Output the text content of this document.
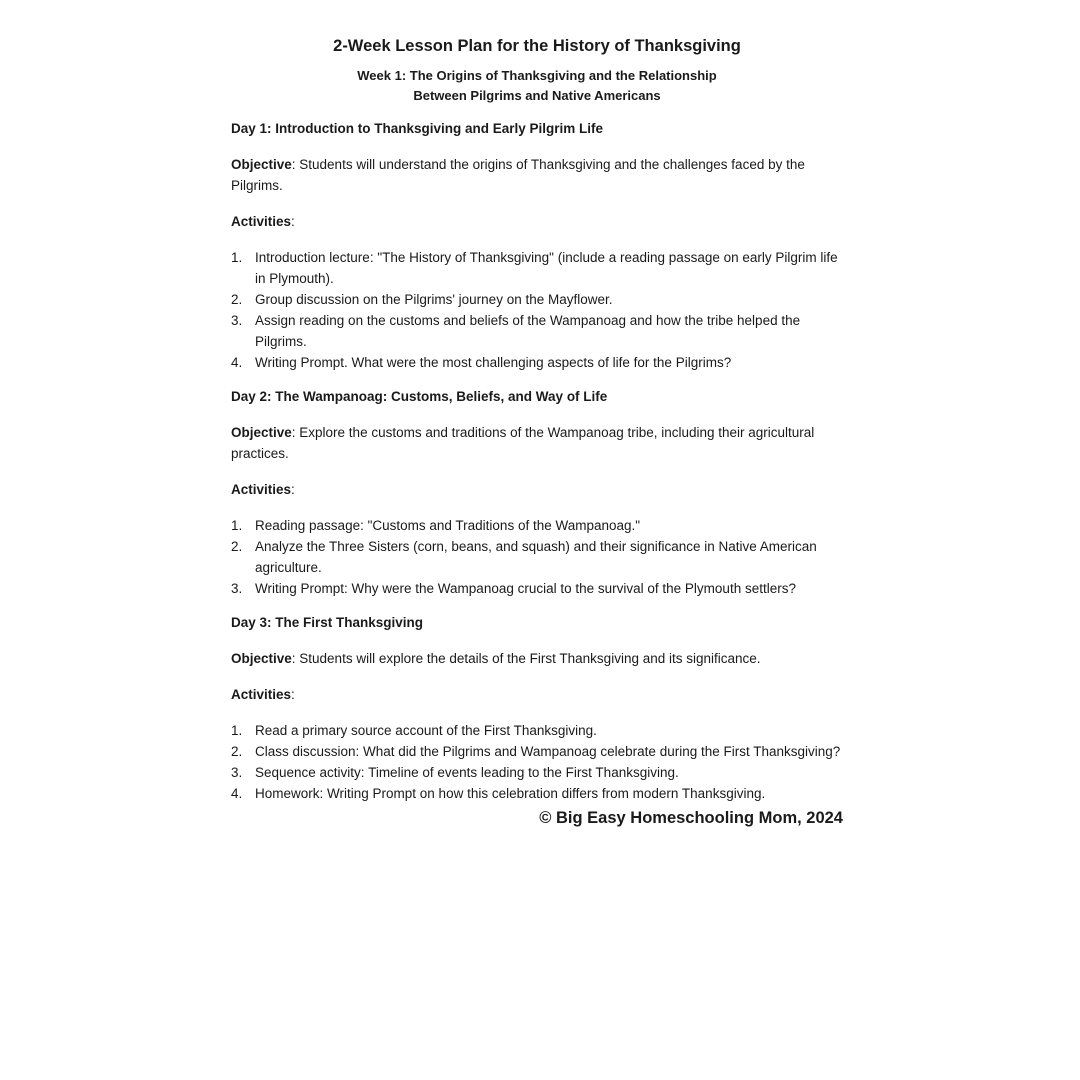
2-Week Lesson Plan for the History of Thanksgiving
Week 1: The Origins of Thanksgiving and the Relationship
Between Pilgrims and Native Americans
Day 1: Introduction to Thanksgiving and Early Pilgrim Life
Objective: Students will understand the origins of Thanksgiving and the challenges faced by the Pilgrims.
Activities:
1. Introduction lecture: "The History of Thanksgiving" (include a reading passage on early Pilgrim life in Plymouth).
2. Group discussion on the Pilgrims' journey on the Mayflower.
3. Assign reading on the customs and beliefs of the Wampanoag and how the tribe helped the Pilgrims.
4. Writing Prompt. What were the most challenging aspects of life for the Pilgrims?
Day 2: The Wampanoag: Customs, Beliefs, and Way of Life
Objective: Explore the customs and traditions of the Wampanoag tribe, including their agricultural practices.
Activities:
1. Reading passage: "Customs and Traditions of the Wampanoag."
2. Analyze the Three Sisters (corn, beans, and squash) and their significance in Native American agriculture.
3. Writing Prompt: Why were the Wampanoag crucial to the survival of the Plymouth settlers?
Day 3: The First Thanksgiving
Objective: Students will explore the details of the First Thanksgiving and its significance.
Activities:
1. Read a primary source account of the First Thanksgiving.
2. Class discussion: What did the Pilgrims and Wampanoag celebrate during the First Thanksgiving?
3. Sequence activity: Timeline of events leading to the First Thanksgiving.
4. Homework: Writing Prompt on how this celebration differs from modern Thanksgiving.
© Big Easy Homeschooling Mom, 2024
